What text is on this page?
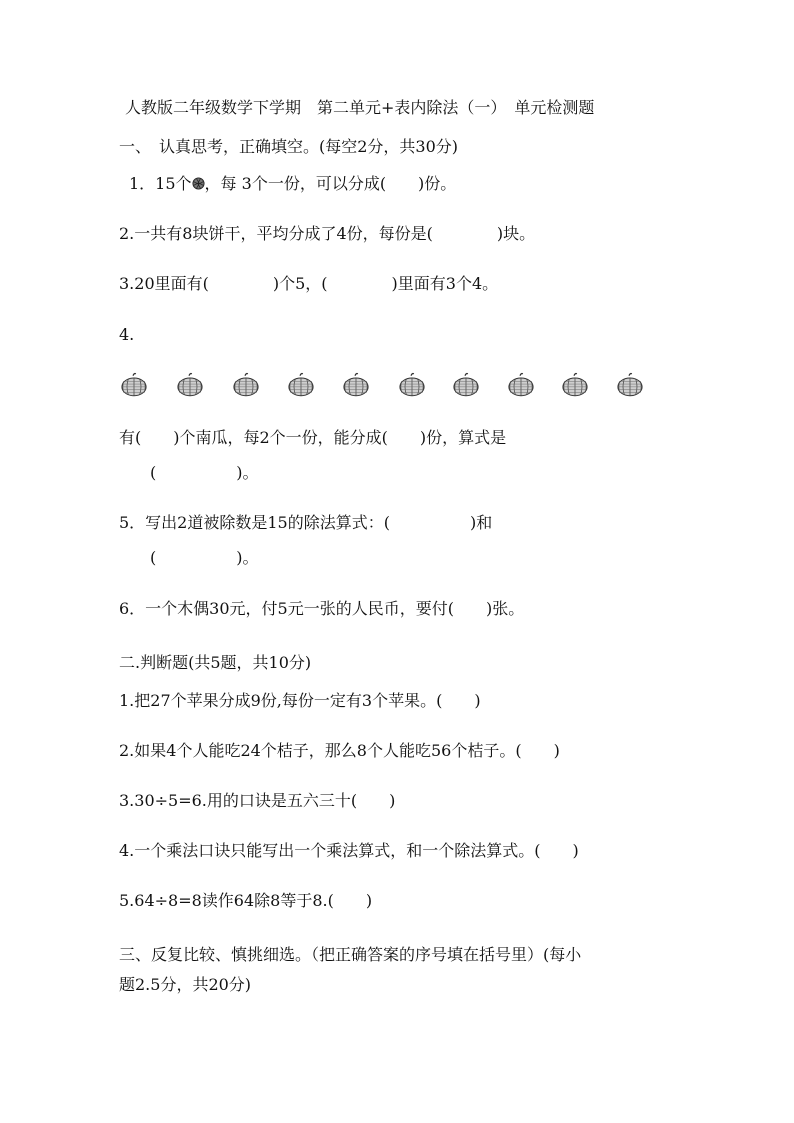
人教版二年级数学下学期　第二单元+表内除法（一）　单元检测题
一、　认真思考，正确填空。(每空2分，共30分)
1．15个 ，每 3个一份，可以分成(　　)份。
2.一共有8块饼干，平均分成了4份，每份是(　　　　)块。
3.20里面有(　　　　)个5，(　　　　)里面有3个4。
4.
有(　　)个南瓜，每2个一份，能分成(　　)份，算式是
(　　　　　)。
5．写出2道被除数是15的除法算式：(　　　　　)和
(　　　　　)。
6．一个木偶30元，付5元一张的人民币，要付(　　)张。
二.判断题(共5题，共10分)
1.把27个苹果分成9份,每份一定有3个苹果。(　　)
2.如果4个人能吃24个桔子，那么8个人能吃56个桔子。(　　)
3.30÷5=6.用的口诀是五六三十(　　)
4.一个乘法口诀只能写出一个乘法算式，和一个除法算式。(　　)
5.64÷8=8读作64除8等于8.(　　)
三、反复比较、慎挑细选。（把正确答案的序号填在括号里）(每小
题2.5分，共20分)
